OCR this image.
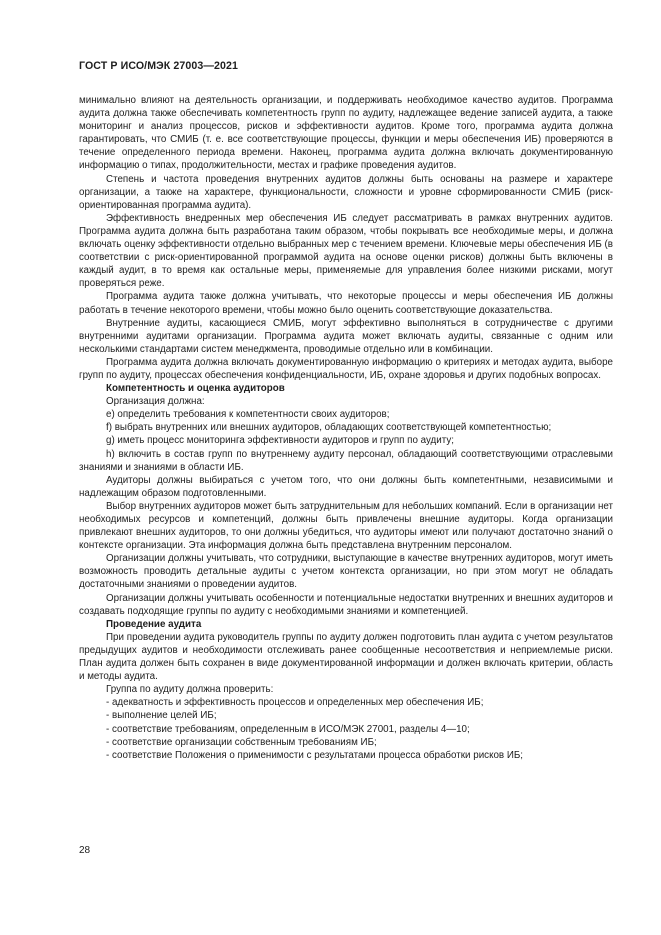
ГОСТ Р ИСО/МЭК 27003—2021

минимально влияют на деятельность организации, и поддерживать необходимое качество аудитов. Программа аудита должна также обеспечивать компетентность групп по аудиту, надлежащее ведение записей аудита, а также мониторинг и анализ процессов, рисков и эффективности аудитов. Кроме того, программа аудита должна гарантировать, что СМИБ (т. е. все соответствующие процессы, функции и меры обеспечения ИБ) проверяются в течение определенного периода времени. Наконец, программа аудита должна включать документированную информацию о типах, продолжительности, местах и графике проведения аудитов.

Степень и частота проведения внутренних аудитов должны быть основаны на размере и характере организации, а также на характере, функциональности, сложности и уровне сформированности СМИБ (риск-ориентированная программа аудита).

Эффективность внедренных мер обеспечения ИБ следует рассматривать в рамках внутренних аудитов. Программа аудита должна быть разработана таким образом, чтобы покрывать все необходимые меры, и должна включать оценку эффективности отдельно выбранных мер с течением времени. Ключевые меры обеспечения ИБ (в соответствии с риск-ориентированной программой аудита на основе оценки рисков) должны быть включены в каждый аудит, в то время как остальные меры, применяемые для управления более низкими рисками, могут проверяться реже.

Программа аудита также должна учитывать, что некоторые процессы и меры обеспечения ИБ должны работать в течение некоторого времени, чтобы можно было оценить соответствующие доказательства.

Внутренние аудиты, касающиеся СМИБ, могут эффективно выполняться в сотрудничестве с другими внутренними аудитами организации. Программа аудита может включать аудиты, связанные с одним или несколькими стандартами систем менеджмента, проводимые отдельно или в комбинации.

Программа аудита должна включать документированную информацию о критериях и методах аудита, выборе групп по аудиту, процессах обеспечения конфиденциальности, ИБ, охране здоровья и других подобных вопросах.

Компетентность и оценка аудиторов

Организация должна:

e) определить требования к компетентности своих аудиторов;

f) выбрать внутренних или внешних аудиторов, обладающих соответствующей компетентностью;

g) иметь процесс мониторинга эффективности аудиторов и групп по аудиту;

h) включить в состав групп по внутреннему аудиту персонал, обладающий соответствующими отраслевыми знаниями и знаниями в области ИБ.

Аудиторы должны выбираться с учетом того, что они должны быть компетентными, независимыми и надлежащим образом подготовленными.

Выбор внутренних аудиторов может быть затруднительным для небольших компаний. Если в организации нет необходимых ресурсов и компетенций, должны быть привлечены внешние аудиторы. Когда организации привлекают внешних аудиторов, то они должны убедиться, что аудиторы имеют или получают достаточно знаний о контексте организации. Эта информация должна быть представлена внутренним персоналом.

Организации должны учитывать, что сотрудники, выступающие в качестве внутренних аудиторов, могут иметь возможность проводить детальные аудиты с учетом контекста организации, но при этом могут не обладать достаточными знаниями о проведении аудитов.

Организации должны учитывать особенности и потенциальные недостатки внутренних и внешних аудиторов и создавать подходящие группы по аудиту с необходимыми знаниями и компетенцией.

Проведение аудита

При проведении аудита руководитель группы по аудиту должен подготовить план аудита с учетом результатов предыдущих аудитов и необходимости отслеживать ранее сообщенные несоответствия и неприемлемые риски. План аудита должен быть сохранен в виде документированной информации и должен включать критерии, область и методы аудита.

Группа по аудиту должна проверить:

- адекватность и эффективность процессов и определенных мер обеспечения ИБ;

- выполнение целей ИБ;

- соответствие требованиям, определенным в ИСО/МЭК 27001, разделы 4—10;

- соответствие организации собственным требованиям ИБ;

- соответствие Положения о применимости с результатами процесса обработки рисков ИБ;

28
